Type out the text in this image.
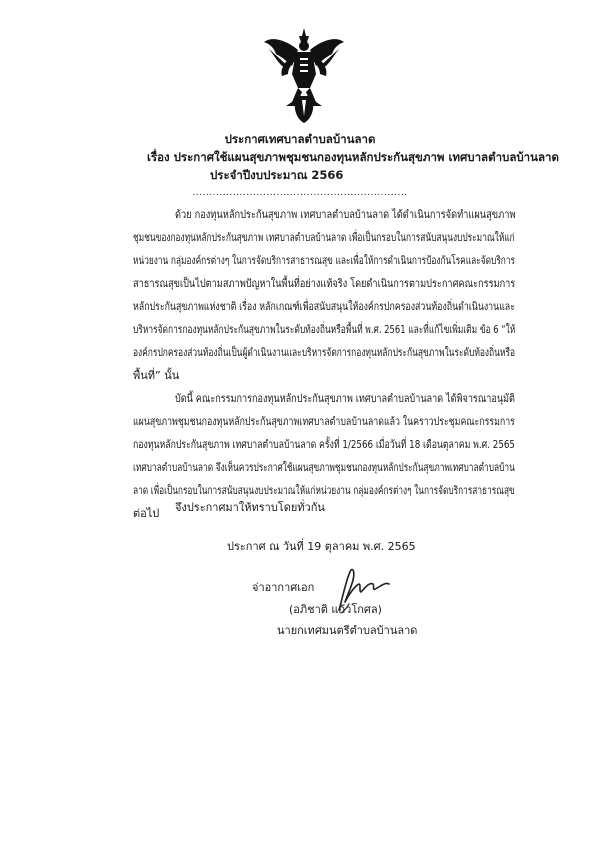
ประกาศเทศบาลตำบลบ้านลาด
เรื่อง ประกาศใช้แผนสุขภาพชุมชนกองทุนหลักประกันสุขภาพ เทศบาลตำบลบ้านลาด
ประจำปีงบประมาณ 2566
................................................................
ด้วย กองทุนหลักประกันสุขภาพ เทศบาลตำบลบ้านลาด ได้ดำเนินการจัดทำแผนสุขภาพ
ชุมชนของกองทุนหลักประกันสุขภาพ เทศบาลตำบลบ้านลาด เพื่อเป็นกรอบในการสนับสนุนงบประมาณให้แก่
หน่วยงาน กลุ่มองค์กรต่างๆ ในการจัดบริการสาธารณสุข และเพื่อให้การดำเนินการป้องกันโรคและจัดบริการ
สาธารณสุขเป็นไปตามสภาพปัญหาในพื้นที่อย่างแท้จริง โดยดำเนินการตามประกาศคณะกรรมการ
หลักประกันสุขภาพแห่งชาติ เรื่อง หลักเกณฑ์เพื่อสนับสนุนให้องค์กรปกครองส่วนท้องถิ่นดำเนินงานและ
บริหารจัดการกองทุนหลักประกันสุขภาพในระดับท้องถิ่นหรือพื้นที่ พ.ศ. 2561 และที่แก้ไขเพิ่มเติม ข้อ 6 “ให้
องค์กรปกครองส่วนท้องถิ่นเป็นผู้ดำเนินงานและบริหารจัดการกองทุนหลักประกันสุขภาพในระดับท้องถิ่นหรือ
พื้นที่” นั้น
บัดนี้ คณะกรรมการกองทุนหลักประกันสุขภาพ เทศบาลตำบลบ้านลาด ได้พิจารณาอนุมัติ
แผนสุขภาพชุมชนกองทุนหลักประกันสุขภาพเทศบาลตำบลบ้านลาดแล้ว ในคราวประชุมคณะกรรมการ
กองทุนหลักประกันสุขภาพ เทศบาลตำบลบ้านลาด ครั้งที่ 1/2566 เมื่อวันที่ 18 เดือนตุลาคม พ.ศ. 2565
เทศบาลตำบลบ้านลาด จึงเห็นควรประกาศใช้แผนสุขภาพชุมชนกองทุนหลักประกันสุขภาพเทศบาลตำบลบ้าน
ลาด เพื่อเป็นกรอบในการสนับสนุนงบประมาณให้แก่หน่วยงาน กลุ่มองค์กรต่างๆ ในการจัดบริการสาธารณสุข
ต่อไป จึงประกาศมาให้ทราบโดยทั่วกัน
ประกาศ ณ วันที่ 19 ตุลาคม พ.ศ. 2565
จ่าอากาศเอก
(อภิชาติ แก้วโกศล)
นายกเทศมนตรีตำบลบ้านลาด
